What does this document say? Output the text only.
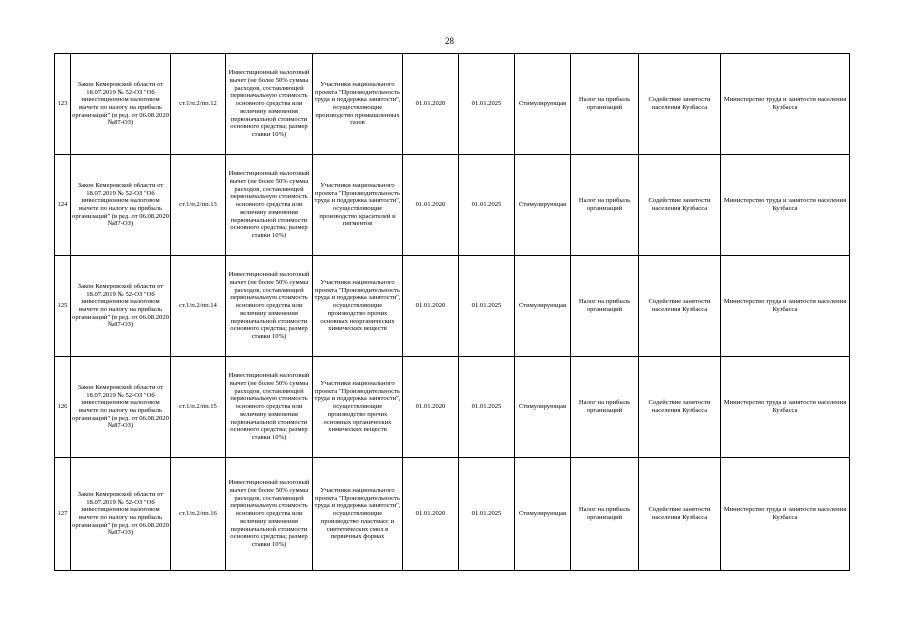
28
123	Закон Кемеровской области от 18.07.2019 № 52-ОЗ "Об инвестиционном налоговом вычете по налогу на прибыль организаций" (в ред. от 06.08.2020 №87-ОЗ)	ст.1/п.2/пп.12	Инвестиционный налоговый вычет (не более 50% суммы расходов, составляющей первоначальную стоимость основного средства или величину изменения первоначальной стоимости основного средства; размер ставки 10%)	Участники национального проекта "Производительность труда и поддержка занятости", осуществляющие производство промышленных газов	01.01.2020	01.01.2025	Стимулирующая	Налог на прибыль организаций	Содействие занятости населения Кузбасса	Министерство труда и занятости населения Кузбасса
124	Закон Кемеровской области от 18.07.2019 № 52-ОЗ "Об инвестиционном налоговом вычете по налогу на прибыль организаций" (в ред. от 06.08.2020 №87-ОЗ)	ст.1/п.2/пп.13	Инвестиционный налоговый вычет (не более 50% суммы расходов, составляющей первоначальную стоимость основного средства или величину изменения первоначальной стоимости основного средства; размер ставки 10%)	Участники национального проекта "Производительность труда и поддержка занятости", осуществляющие производство красителей и пигментов	01.01.2020	01.01.2025	Стимулирующая	Налог на прибыль организаций	Содействие занятости населения Кузбасса	Министерство труда и занятости населения Кузбасса
125	Закон Кемеровской области от 18.07.2019 № 52-ОЗ "Об инвестиционном налоговом вычете по налогу на прибыль организаций" (в ред. от 06.08.2020 №87-ОЗ)	ст.1/п.2/пп.14	Инвестиционный налоговый вычет (не более 50% суммы расходов, составляющей первоначальную стоимость основного средства или величину изменения первоначальной стоимости основного средства; размер ставки 10%)	Участники национального проекта "Производительность труда и поддержка занятости", осуществляющие производство прочих основных неорганических химических веществ	01.01.2020	01.01.2025	Стимулирующая	Налог на прибыль организаций	Содействие занятости населения Кузбасса	Министерство труда и занятости населения Кузбасса
126	Закон Кемеровской области от 18.07.2019 № 52-ОЗ "Об инвестиционном налоговом вычете по налогу на прибыль организаций" (в ред. от 06.08.2020 №87-ОЗ)	ст.1/п.2/пп.15	Инвестиционный налоговый вычет (не более 50% суммы расходов, составляющей первоначальную стоимость основного средства или величину изменения первоначальной стоимости основного средства; размер ставки 10%)	Участники национального проекта "Производительность труда и поддержка занятости", осуществляющие производство прочих основных органических химических веществ	01.01.2020	01.01.2025	Стимулирующая	Налог на прибыль организаций	Содействие занятости населения Кузбасса	Министерство труда и занятости населения Кузбасса
127	Закон Кемеровской области от 18.07.2019 № 52-ОЗ "Об инвестиционном налоговом вычете по налогу на прибыль организаций" (в ред. от 06.08.2020 №87-ОЗ)	ст.1/п.2/пп.16	Инвестиционный налоговый вычет (не более 50% суммы расходов, составляющей первоначальную стоимость основного средства или величину изменения первоначальной стоимости основного средства; размер ставки 10%)	Участники национального проекта "Производительность труда и поддержка занятости", осуществляющие производство пластмасс и синтетических смол в первичных формах	01.01.2020	01.01.2025	Стимулирующая	Налог на прибыль организаций	Содействие занятости населения Кузбасса	Министерство труда и занятости населения Кузбасса
